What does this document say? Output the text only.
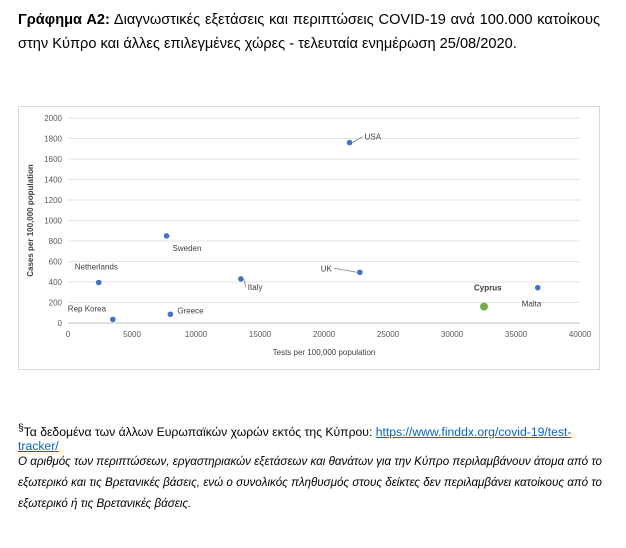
Γράφημα Α2: Διαγνωστικές εξετάσεις και περιπτώσεις COVID-19 ανά 100.000 κατοίκους στην Κύπρο και άλλες επιλεγμένες χώρες - τελευταία ενημέρωση 25/08/2020.
0
200
400
600
800
1000
1200
1400
1600
1800
2000
0	5000	10000	15000	20000	25000	30000	35000	40000
Tests per 100,000 population
Cases per 100,000 population
USA
Sweden
UK
Italy
Netherlands
Greece
Rep Korea
Cyprus
Malta
§Τα δεδομένα των άλλων Ευρωπαϊκών χωρών εκτός της Κύπρου: https://www.finddx.org/covid-19/test-tracker/
Ο αριθμός των περιπτώσεων, εργαστηριακών εξετάσεων και θανάτων για την Κύπρο περιλαμβάνουν άτομα από το εξωτερικό και τις Βρετανικές βάσεις, ενώ ο συνολικός πληθυσμός στους δείκτες δεν περιλαμβάνει κατοίκους από το εξωτερικό ή τις Βρετανικές βάσεις.
